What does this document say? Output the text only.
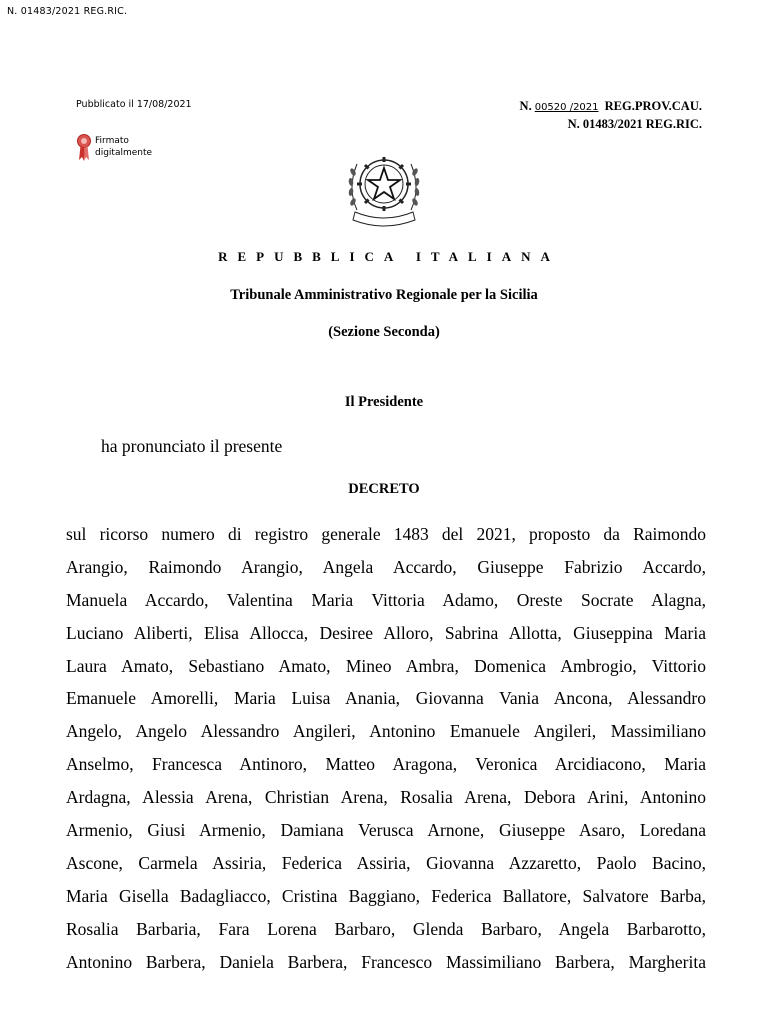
N. 01483/2021 REG.RIC.
Pubblicato il 17/08/2021
Firmato
digitalmente
N. 00520 /2021 REG.PROV.CAU.
N. 01483/2021 REG.RIC.
REPUBBLICA ITALIANA
Tribunale Amministrativo Regionale per la Sicilia
(Sezione Seconda)
Il Presidente
ha pronunciato il presente
DECRETO
sul ricorso numero di registro generale 1483 del 2021, proposto da Raimondo
Arangio, Raimondo Arangio, Angela Accardo, Giuseppe Fabrizio Accardo,
Manuela Accardo, Valentina Maria Vittoria Adamo, Oreste Socrate Alagna,
Luciano Aliberti, Elisa Allocca, Desiree Alloro, Sabrina Allotta, Giuseppina Maria
Laura Amato, Sebastiano Amato, Mineo Ambra, Domenica Ambrogio, Vittorio
Emanuele Amorelli, Maria Luisa Anania, Giovanna Vania Ancona, Alessandro
Angelo, Angelo Alessandro Angileri, Antonino Emanuele Angileri, Massimiliano
Anselmo, Francesca Antinoro, Matteo Aragona, Veronica Arcidiacono, Maria
Ardagna, Alessia Arena, Christian Arena, Rosalia Arena, Debora Arini, Antonino
Armenio, Giusi Armenio, Damiana Verusca Arnone, Giuseppe Asaro, Loredana
Ascone, Carmela Assiria, Federica Assiria, Giovanna Azzaretto, Paolo Bacino,
Maria Gisella Badagliacco, Cristina Baggiano, Federica Ballatore, Salvatore Barba,
Rosalia Barbaria, Fara Lorena Barbaro, Glenda Barbaro, Angela Barbarotto,
Antonino Barbera, Daniela Barbera, Francesco Massimiliano Barbera, Margherita
